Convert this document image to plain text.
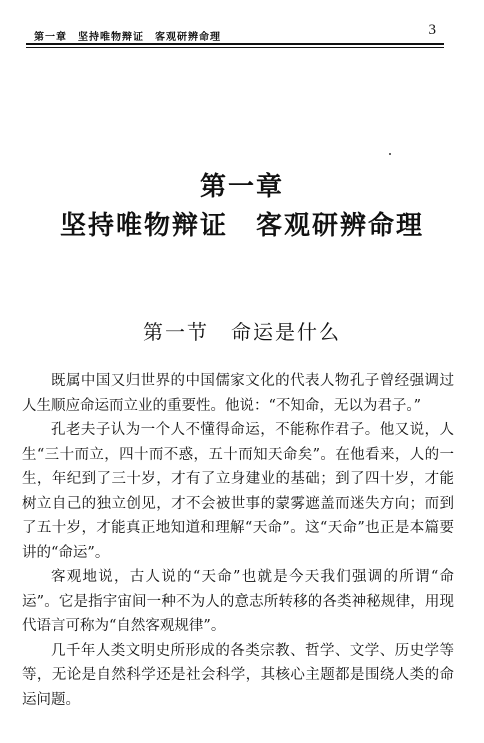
第一章　坚持唯物辩证　客观研辨命理	3
第一章
坚持唯物辩证　客观研辨命理
第一节　命运是什么

既属中国又归世界的中国儒家文化的代表人物孔子曾经强调过人生顺应命运而立业的重要性。他说：“不知命，无以为君子。”

孔老夫子认为一个人不懂得命运，不能称作君子。他又说，人生“三十而立，四十而不惑，五十而知天命矣”。在他看来，人的一生，年纪到了三十岁，才有了立身建业的基础；到了四十岁，才能树立自己的独立创见，才不会被世事的蒙雾遮盖而迷失方向；而到了五十岁，才能真正地知道和理解“天命”。这“天命”也正是本篇要讲的“命运”。

客观地说，古人说的“天命”也就是今天我们强调的所谓“命运”。它是指宇宙间一种不为人的意志所转移的各类神秘规律，用现代语言可称为“自然客观规律”。

几千年人类文明史所形成的各类宗教、哲学、文学、历史学等等，无论是自然科学还是社会科学，其核心主题都是围绕人类的命运问题。
